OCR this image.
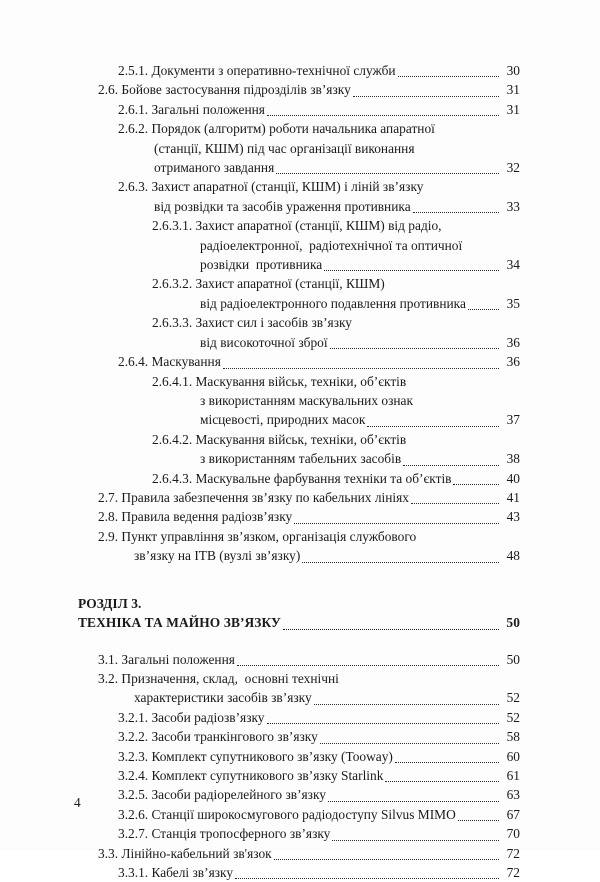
2.5.1. Документи з оперативно-технічної служби	30
2.6. Бойове застосування підрозділів зв’язку	31
2.6.1. Загальні положення	31
2.6.2. Порядок (алгоритм) роботи начальника апаратної
(станції, КШМ) під час організації виконання
отриманого завдання	32
2.6.3. Захист апаратної (станції, КШМ) і ліній зв’язку
від розвідки та засобів ураження противника	33
2.6.3.1. Захист апаратної (станції, КШМ) від радіо,
радіоелектронної,  радіотехнічної та оптичної
розвідки  противника	34
2.6.3.2. Захист апаратної (станції, КШМ)
від радіоелектронного подавлення противника	35
2.6.3.3. Захист сил і засобів зв’язку
від високоточної зброї	36
2.6.4. Маскування	36
2.6.4.1. Маскування військ, техніки, об’єктів
з використанням маскувальних ознак
місцевості, природних масок	37
2.6.4.2. Маскування військ, техніки, об’єктів
з використанням табельних засобів	38
2.6.4.3. Маскувальне фарбування техніки та об’єктів	40
2.7. Правила забезпечення зв’язку по кабельних лініях	41
2.8. Правила ведення радіозв’язку	43
2.9. Пункт управління зв’язком, організація службового
зв’язку на ІТВ (вузлі зв’язку)	48
РОЗДІЛ 3.
ТЕХНІКА ТА МАЙНО ЗВ’ЯЗКУ	50
3.1. Загальні положення	50
3.2. Призначення, склад,  основні технічні
характеристики засобів зв’язку	52
3.2.1. Засоби радіозв’язку	52
3.2.2. Засоби транкінгового зв’язку	58
3.2.3. Комплект супутникового зв’язку (Tooway)	60
3.2.4. Комплект супутникового зв’язку Starlink	61
3.2.5. Засоби радіорелейного зв’язку	63
3.2.6. Станції широкосмугового радіодоступу Silvus MIMO	67
3.2.7. Станція тропосферного зв’язку	70
3.3. Лінійно-кабельний зв'язок	72
3.3.1. Кабелі зв’язку	72
4
